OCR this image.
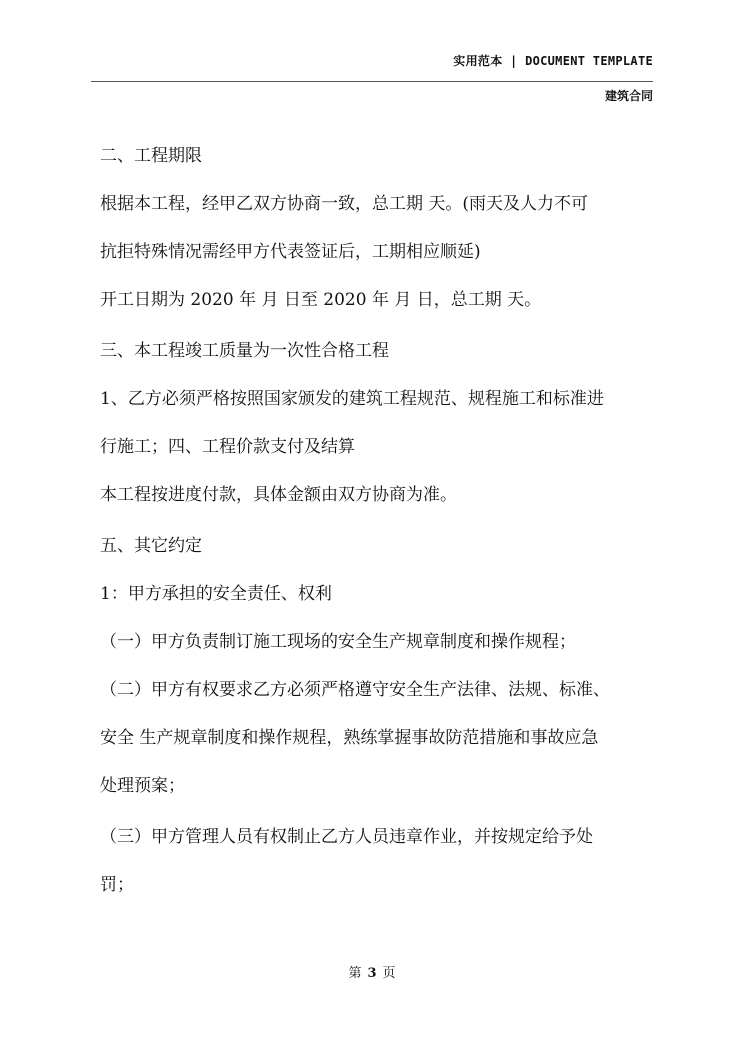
实用范本 | DOCUMENT TEMPLATE
建筑合同
二、工程期限
根据本工程，经甲乙双方协商一致，总工期 天。(雨天及人力不可
抗拒特殊情况需经甲方代表签证后，工期相应顺延)
开工日期为 2020 年 月 日至 2020 年 月 日，总工期 天。
三、本工程竣工质量为一次性合格工程
1、乙方必须严格按照国家颁发的建筑工程规范、规程施工和标准进
行施工；四、工程价款支付及结算
本工程按进度付款，具体金额由双方协商为准。
五、其它约定
1：甲方承担的安全责任、权利
（一）甲方负责制订施工现场的安全生产规章制度和操作规程；
（二）甲方有权要求乙方必须严格遵守安全生产法律、法规、标准、
安全 生产规章制度和操作规程，熟练掌握事故防范措施和事故应急
处理预案；
（三）甲方管理人员有权制止乙方人员违章作业，并按规定给予处
罚；
第 3 页
